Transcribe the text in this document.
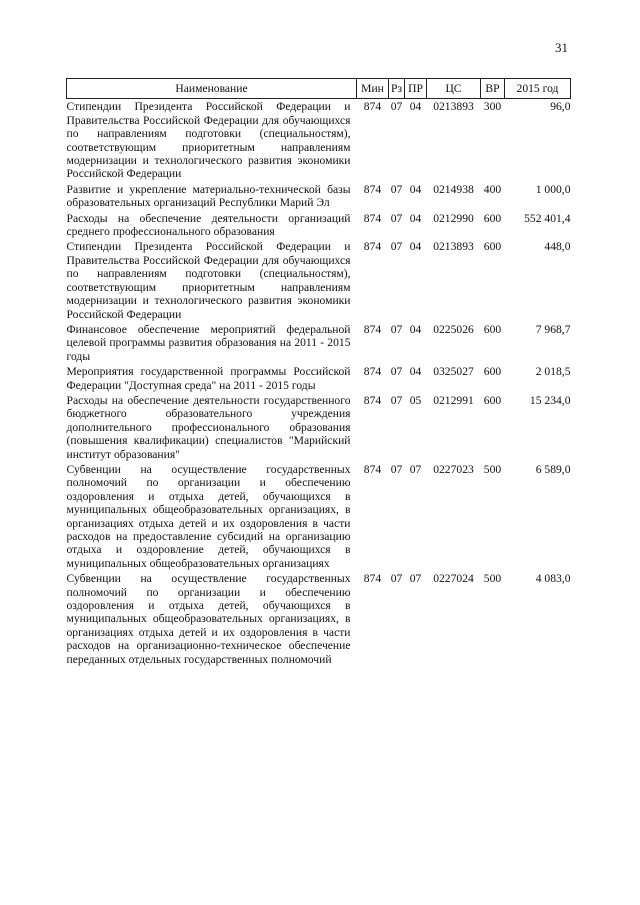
31
Наименование	Мин	Рз	ПР	ЦС	ВР	2015 год
Стипендии Президента Российской Федерации и Правительства Российской Федерации для обучающихся по направлениям подготовки (специальностям), соответствующим приоритетным направлениям модернизации и технологического развития экономики Российской Федерации	874	07	04	0213893	300	96,0
Развитие и укрепление материально-технической базы образовательных организаций Республики Марий Эл	874	07	04	0214938	400	1 000,0
Расходы на обеспечение деятельности организаций среднего профессионального образования	874	07	04	0212990	600	552 401,4
Стипендии Президента Российской Федерации и Правительства Российской Федерации для обучающихся по направлениям подготовки (специальностям), соответствующим приоритетным направлениям модернизации и технологического развития экономики Российской Федерации	874	07	04	0213893	600	448,0
Финансовое обеспечение мероприятий федеральной целевой программы развития образования на 2011 - 2015 годы	874	07	04	0225026	600	7 968,7
Мероприятия государственной программы Российской Федерации "Доступная среда" на 2011 - 2015 годы	874	07	04	0325027	600	2 018,5
Расходы на обеспечение деятельности государственного бюджетного образовательного учреждения дополнительного профессионального образования (повышения квалификации) специалистов "Марийский институт образования"	874	07	05	0212991	600	15 234,0
Субвенции на осуществление государственных полномочий по организации и обеспечению оздоровления и отдыха детей, обучающихся в муниципальных общеобразовательных организациях, в организациях отдыха детей и их оздоровления в части расходов на предоставление субсидий на организацию отдыха и оздоровление детей, обучающихся в муниципальных общеобразовательных организациях	874	07	07	0227023	500	6 589,0
Субвенции на осуществление государственных полномочий по организации и обеспечению оздоровления и отдыха детей, обучающихся в муниципальных общеобразовательных организациях, в организациях отдыха детей и их оздоровления в части расходов на организационно-техническое обеспечение переданных отдельных государственных полномочий	874	07	07	0227024	500	4 083,0
